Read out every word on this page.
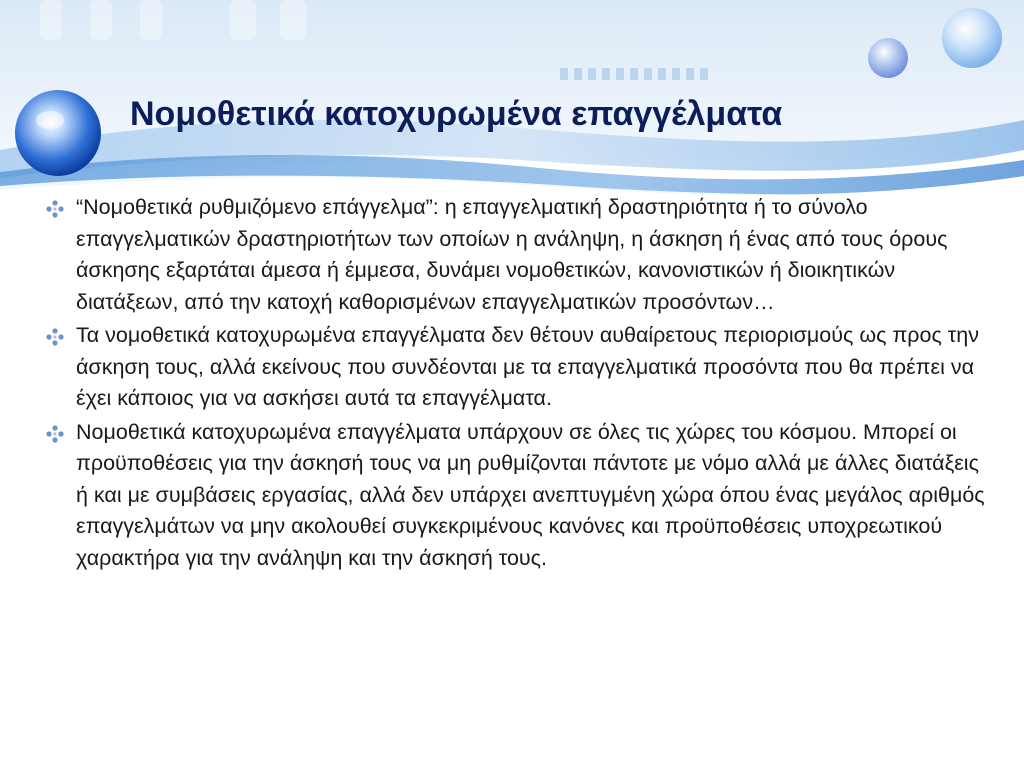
Νομοθετικά κατοχυρωμένα επαγγέλματα
“Νομοθετικά ρυθμιζόμενο επάγγελμα”: η επαγγελματική δραστηριότητα ή το σύνολο επαγγελματικών δραστηριοτήτων των οποίων η ανάληψη, η άσκηση ή ένας από τους όρους άσκησης εξαρτάται άμεσα ή έμμεσα, δυνάμει νομοθετικών, κανονιστικών ή διοικητικών διατάξεων, από την κατοχή καθορισμένων επαγγελματικών προσόντων…
Τα νομοθετικά κατοχυρωμένα επαγγέλματα δεν θέτουν αυθαίρετους περιορισμούς ως προς την άσκηση τους, αλλά εκείνους που συνδέονται με τα επαγγελματικά προσόντα που θα πρέπει να έχει κάποιος για να ασκήσει αυτά τα επαγγέλματα.
Νομοθετικά κατοχυρωμένα επαγγέλματα υπάρχουν σε όλες τις χώρες του κόσμου. Μπορεί οι προϋποθέσεις για την άσκησή τους να μη ρυθμίζονται πάντοτε με νόμο αλλά με άλλες διατάξεις ή και με συμβάσεις εργασίας, αλλά δεν υπάρχει ανεπτυγμένη χώρα όπου ένας μεγάλος αριθμός επαγγελμάτων να μην ακολουθεί συγκεκριμένους κανόνες και προϋποθέσεις υποχρεωτικού χαρακτήρα για την ανάληψη και την άσκησή τους.
